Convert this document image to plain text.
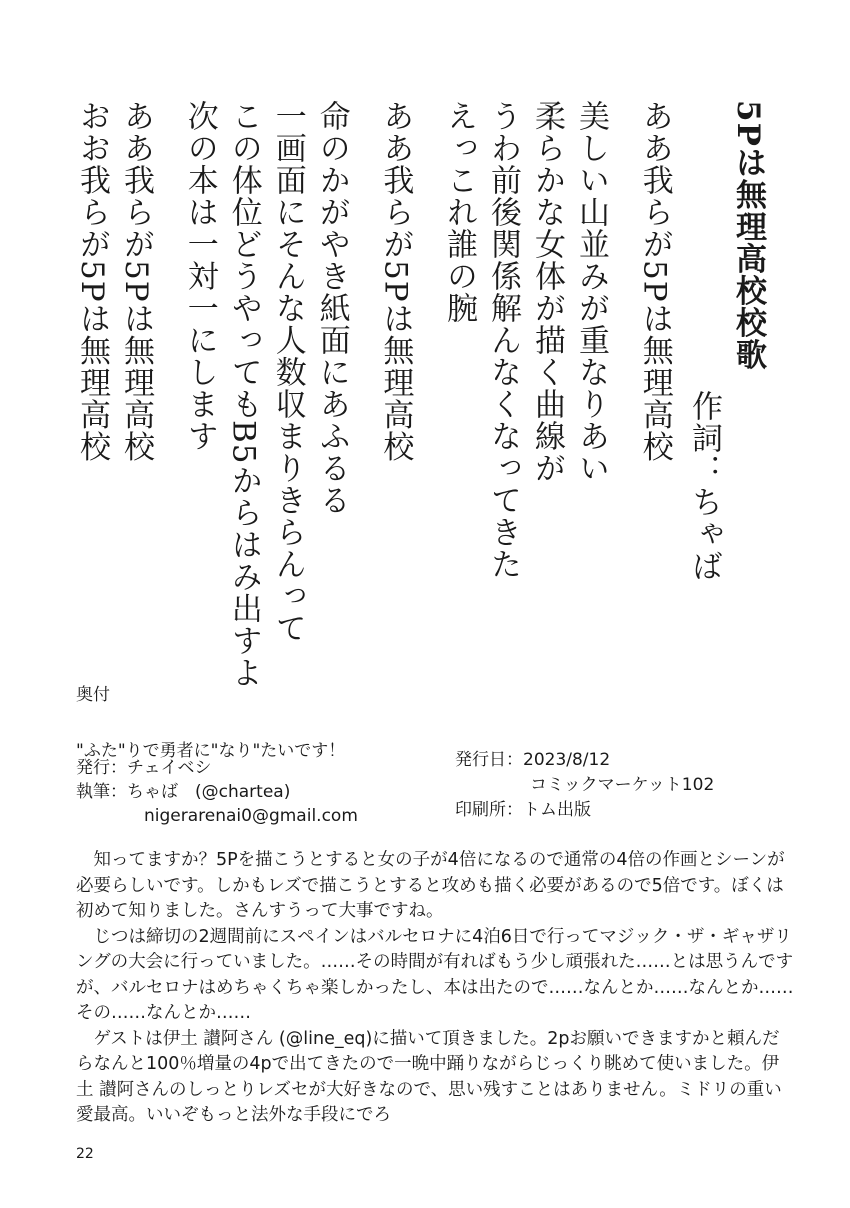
5Pは無理高校校歌
作詞：ちゃば
ああ我らが5Pは無理高校
美しい山並みが重なりあい
柔らかな女体が描く曲線が
うわ前後関係解んなくなってきた
えっこれ誰の腕
ああ我らが5Pは無理高校
命のかがやき紙面にあふるる
一画面にそんな人数収まりきらんって
この体位どうやってもB5からはみ出すよ
次の本は一対一にします
ああ我らが5Pは無理高校
おお我らが5Pは無理高校
奥付
"ふた"りで勇者に"なり"たいです！
発行：チェイベシ
執筆：ちゃば　(@chartea)
nigerarenai0@gmail.com
発行日：2023/8/12
コミックマーケット102
印刷所：トム出版

知ってますか？5Pを描こうとすると女の子が4倍になるので通常の4倍の作画とシーンが必要らしいです。しかもレズで描こうとすると攻めも描く必要があるので5倍です。ぼくは初めて知りました。さんすうって大事ですね。

じつは締切の2週間前にスペインはバルセロナに4泊6日で行ってマジック・ザ・ギャザリングの大会に行っていました。……その時間が有ればもう少し頑張れた……とは思うんですが、バルセロナはめちゃくちゃ楽しかったし、本は出たので……なんとか……なんとか……その……なんとか……

ゲストは伊土 讃阿さん (@line_eq)に描いて頂きました。2pお願いできますかと頼んだらなんと100％増量の4pで出てきたので一晩中踊りながらじっくり眺めて使いました。伊土 讃阿さんのしっとりレズセが大好きなので、思い残すことはありません。ミドリの重い愛最高。いいぞもっと法外な手段にでろ

22
